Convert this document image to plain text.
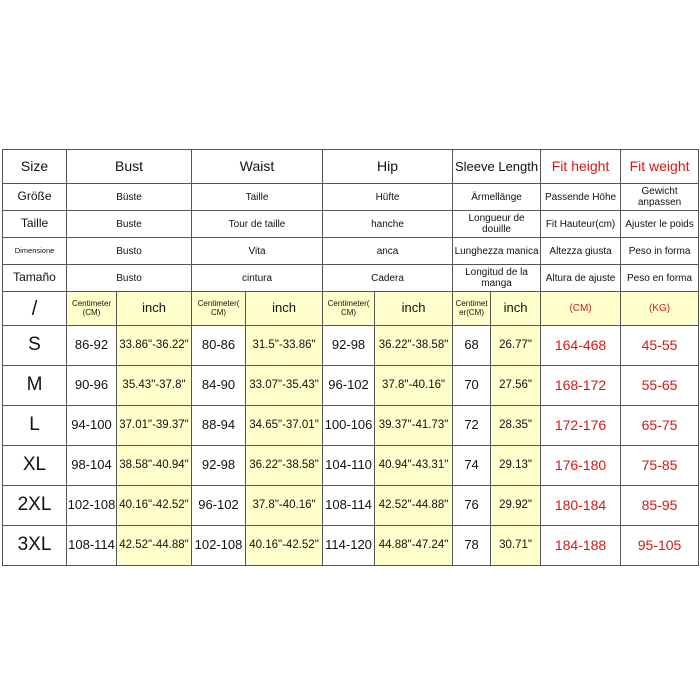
Size	Bust		Waist		Hip		Sleeve Length		Fit height	Fit weight
Größe	Büste		Taille		Hüfte		Ärmellänge		Passende Höhe	Gewicht anpassen
Taille	Buste		Tour de taille		hanche		Longueur de douille		Fit Hauteur(cm)	Ajuster le poids
Dimensione	Busto		Vita		anca		Lunghezza manica		Altezza giusta	Peso in forma
Tamaño	Busto		cintura		Cadera		Longitud de la manga		Altura de ajuste	Peso en forma
/	Centimeter (CM)	inch	Centimeter( CM)	inch	Centimeter( CM)	inch	Centimet er(CM)	inch	(CM)	(KG)
S	86-92	33.86"-36.22"	80-86	31.5"-33.86"	92-98	36.22"-38.58"	68	26.77"	164-468	45-55
M	90-96	35.43"-37.8"	84-90	33.07"-35.43"	96-102	37.8"-40.16"	70	27.56"	168-172	55-65
L	94-100	37.01"-39.37"	88-94	34.65"-37.01"	100-106	39.37"-41.73"	72	28.35"	172-176	65-75
XL	98-104	38.58"-40.94"	92-98	36.22"-38.58"	104-110	40.94"-43.31"	74	29.13"	176-180	75-85
2XL	102-108	40.16"-42.52"	96-102	37.8"-40.16"	108-114	42.52"-44.88"	76	29.92"	180-184	85-95
3XL	108-114	42.52"-44.88"	102-108	40.16"-42.52"	114-120	44.88"-47.24"	78	30.71"	184-188	95-105
